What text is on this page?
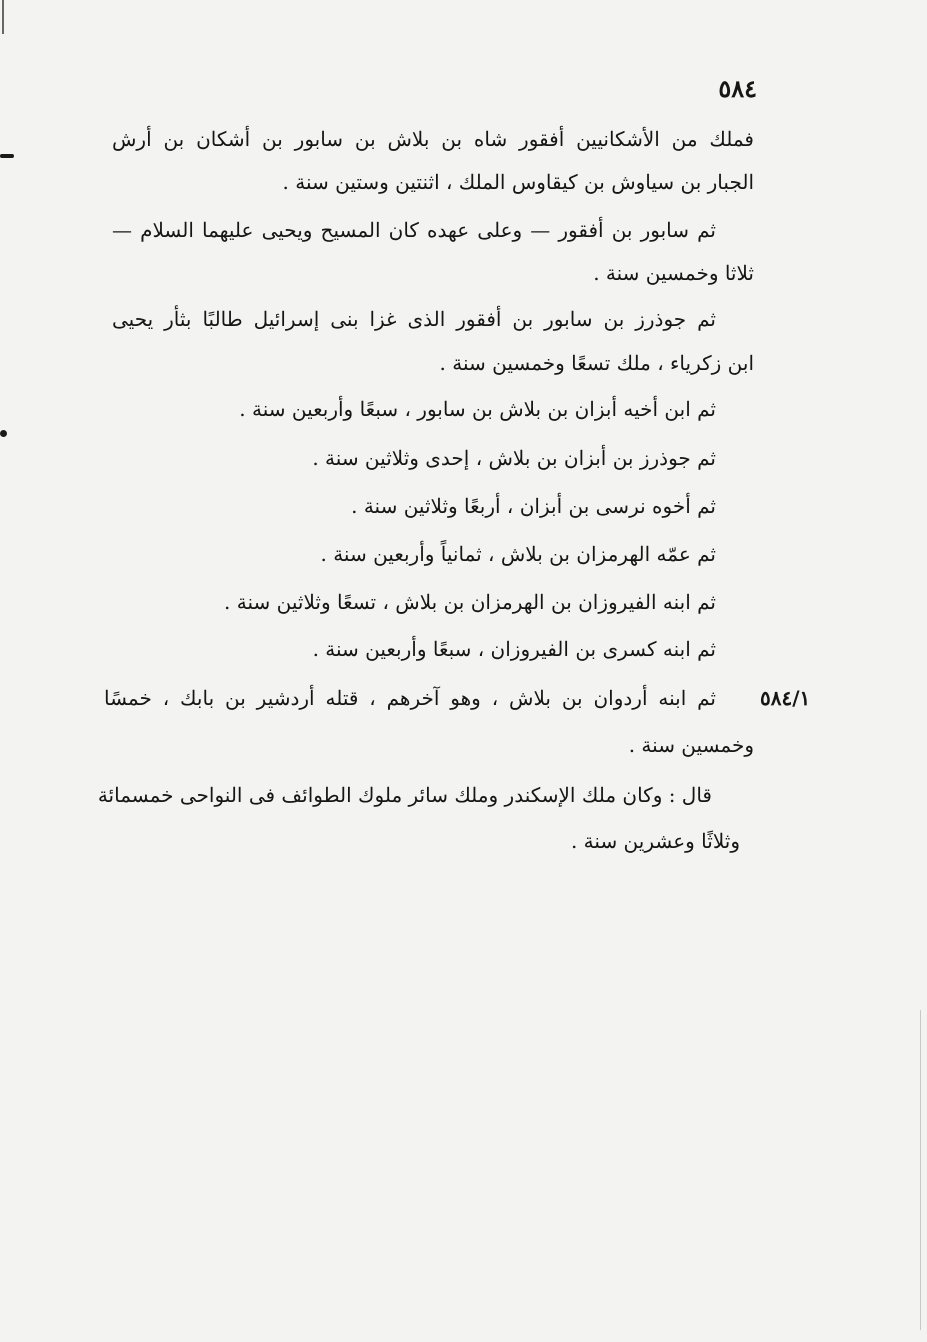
٥٨٤
٥٨٤/١
فملك من الأشكانيين أفقور شاه بن بلاش بن سابور بن أشكان بن أرش
الجبار بن سياوش بن كيقاوس الملك ، اثنتين وستين سنة .
ثم سابور بن أفقور — وعلى عهده كان المسيح ويحيى عليهما السلام —
ثلاثا وخمسين سنة .
ثم جوذرز بن سابور بن أفقور الذى غزا بنى إسرائيل طالبًا بثأر يحيى
ابن زكرياء ، ملك تسعًا وخمسين سنة .
ثم ابن أخيه أبزان بن بلاش بن سابور ، سبعًا وأربعين سنة .
ثم جوذرز بن أبزان بن بلاش ، إحدى وثلاثين سنة .
ثم أخوه نرسى بن أبزان ، أربعًا وثلاثين سنة .
ثم عمّه الهرمزان بن بلاش ، ثمانياً وأربعين سنة .
ثم ابنه الفيروزان بن الهرمزان بن بلاش ، تسعًا وثلاثين سنة .
ثم ابنه كسرى بن الفيروزان ، سبعًا وأربعين سنة .
ثم ابنه أردوان بن بلاش ، وهو آخرهم ، قتله أردشير بن بابك ، خمسًا
وخمسين سنة .
قال : وكان ملك الإسكندر وملك سائر ملوك الطوائف فى النواحى خمسمائة
وثلاثًا وعشرين سنة .
